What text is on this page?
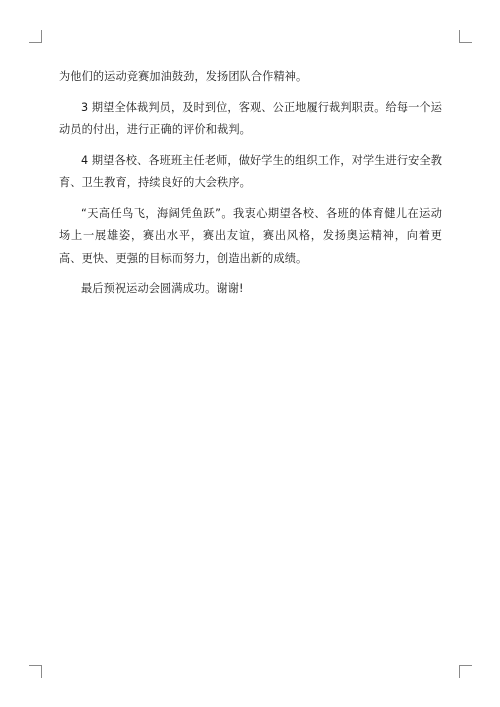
为他们的运动竞赛加油鼓劲，发扬团队合作精神。

3 期望全体裁判员，及时到位，客观、公正地履行裁判职责。给每一个运动员的付出，进行正确的评价和裁判。

4 期望各校、各班班主任老师，做好学生的组织工作，对学生进行安全教育、卫生教育，持续良好的大会秩序。

“天高任鸟飞，海阔凭鱼跃”。我衷心期望各校、各班的体育健儿在运动场上一展雄姿，赛出水平，赛出友谊，赛出风格，发扬奥运精神，向着更高、更快、更强的目标而努力，创造出新的成绩。

最后预祝运动会圆满成功。谢谢!
